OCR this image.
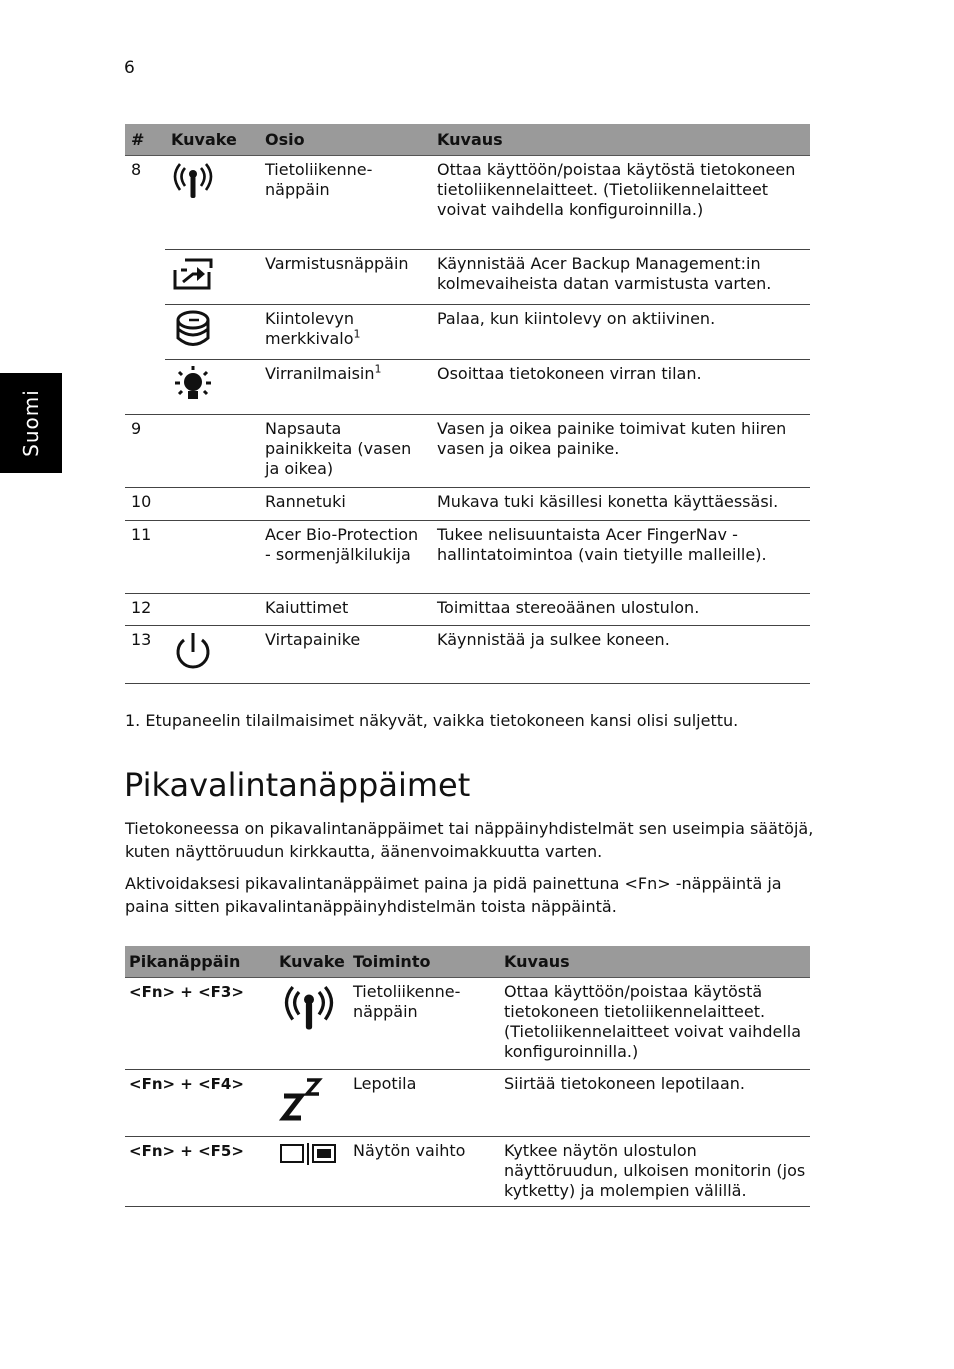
6
Suomi
#	Kuvake	Osio	Kuvaus
8		Tietoliikenne-näppäin	Ottaa käyttöön/poistaa käytöstä tietokoneen tietoliikennelaitteet. (Tietoliikennelaitteet voivat vaihdella konfiguroinnilla.)
		Varmistusnäppäin	Käynnistää Acer Backup Management:in kolmevaiheista datan varmistusta varten.
		Kiintolevyn merkkivalo$^1$	Palaa, kun kiintolevy on aktiivinen.
		Virranilmaisin$^1$	Osoittaa tietokoneen virran tilan.
9		Napsauta painikkeita (vasen ja oikea)	Vasen ja oikea painike toimivat kuten hiiren vasen ja oikea painike.
10		Rannetuki	Mukava tuki käsillesi konetta käyttäessäsi.
11		Acer Bio-Protection - sormenjälkilukija	Tukee nelisuuntaista Acer FingerNav -hallintatoimintoa (vain tietyille malleille).
12		Kaiuttimet	Toimittaa stereoäänen ulostulon.
13		Virtapainike	Käynnistää ja sulkee koneen.
1. Etupaneelin tilailmaisimet näkyvät, vaikka tietokoneen kansi olisi suljettu.
Pikavalintanäppäimet

Tietokoneessa on pikavalintanäppäimet tai näppäinyhdistelmät sen useimpia säätöjä, kuten näyttöruudun kirkkautta, äänenvoimakkuutta varten.

Aktivoidaksesi pikavalintanäppäimet paina ja pidä painettuna <Fn> -näppäintä ja paina sitten pikavalintanäppäinyhdistelmän toista näppäintä.

Pikanäppäin	Kuvake	Toiminto	Kuvaus
<Fn> + <F3>		Tietoliikenne-näppäin	Ottaa käyttöön/poistaa käytöstä tietokoneen tietoliikennelaitteet. (Tietoliikennelaitteet voivat vaihdella konfiguroinnilla.)
<Fn> + <F4>		Lepotila	Siirtää tietokoneen lepotilaan.
<Fn> + <F5>		Näytön vaihto	Kytkee näytön ulostulon näyttöruudun, ulkoisen monitorin (jos kytketty) ja molempien välillä.
